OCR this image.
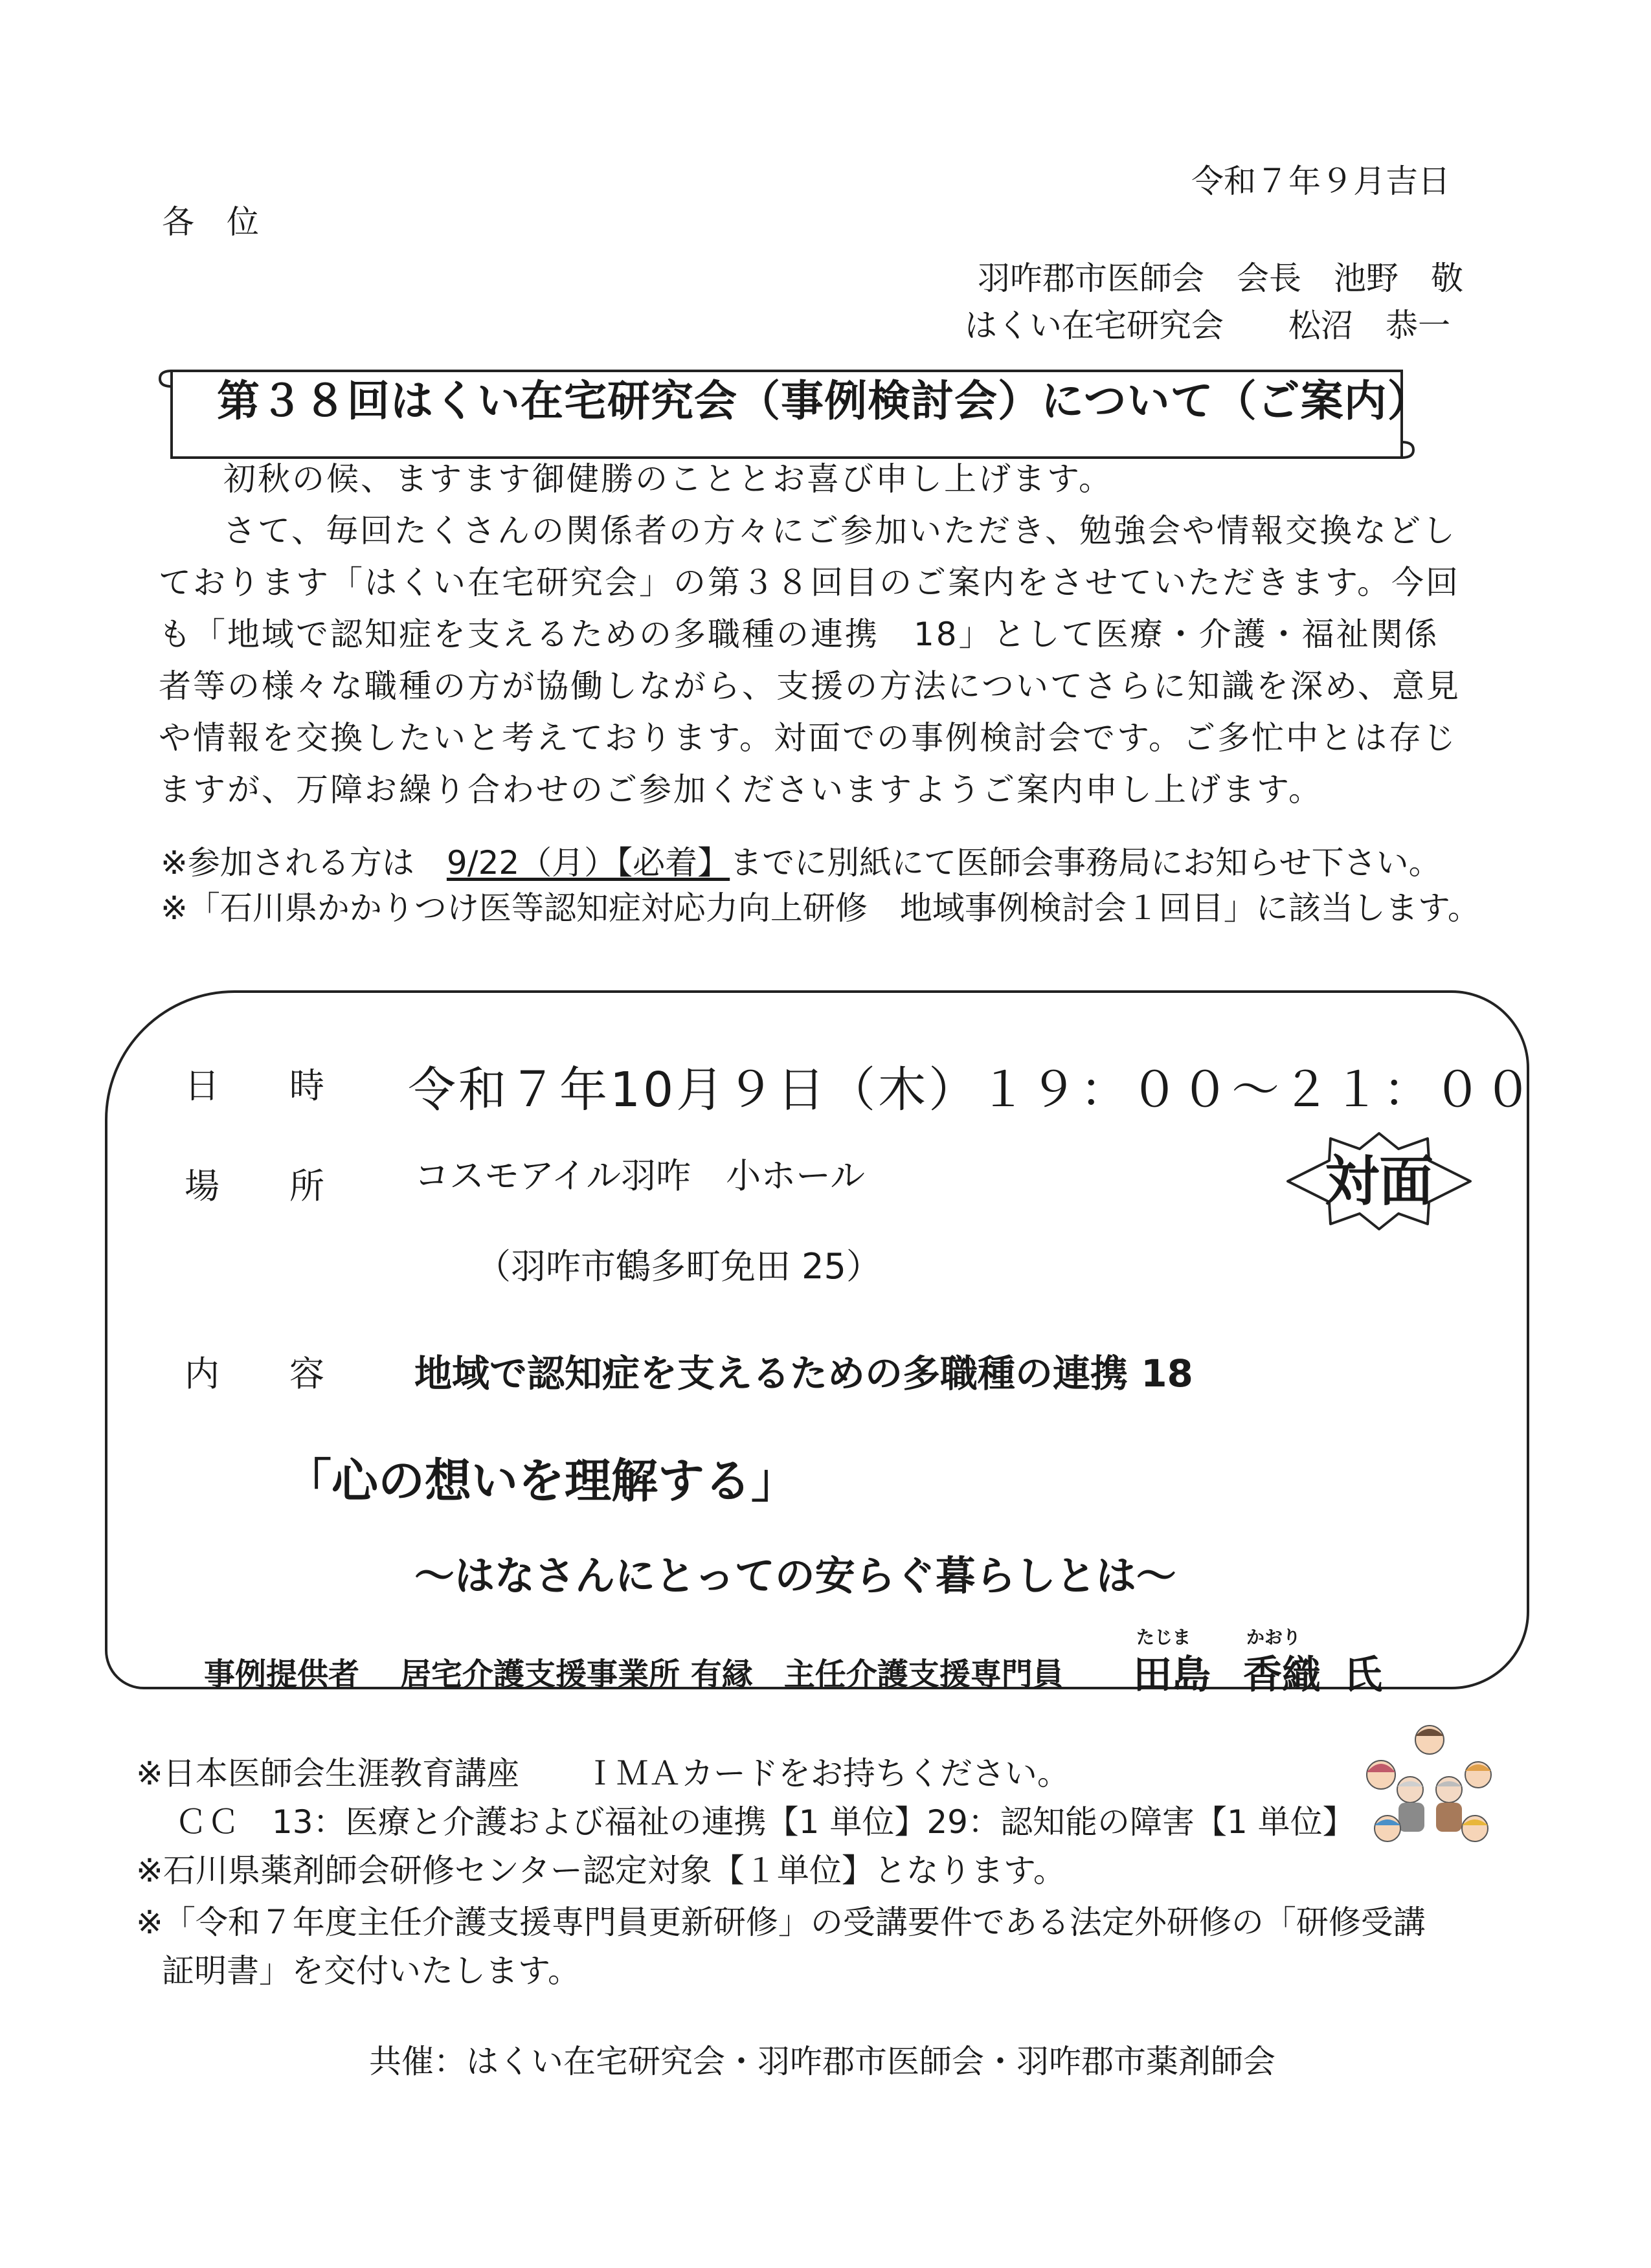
令和７年９月吉日
各　位
羽咋郡市医師会　会長　池野　敬
はくい在宅研究会　　松沼　恭一
第３８回はくい在宅研究会（事例検討会）について（ご案内）

初秋の候、ますます御健勝のこととお喜び申し上げます。

さて、毎回たくさんの関係者の方々にご参加いただき、勉強会や情報交換などしております「はくい在宅研究会」の第３８回目のご案内をさせていただきます。今回も「地域で認知症を支えるための多職種の連携　18」として医療・介護・福祉関係者等の様々な職種の方が協働しながら、支援の方法についてさらに知識を深め、意見や情報を交換したいと考えております。対面での事例検討会です。ご多忙中とは存じますが、万障お繰り合わせのご参加くださいますようご案内申し上げます。

※参加される方は　9/22（月）【必着】までに別紙にて医師会事務局にお知らせ下さい。
※「石川県かかりつけ医等認知症対応力向上研修　地域事例検討会１回目」に該当します。
日　　時 令和７年10月９日（木）１９：００～２１：００
場　　所	コスモアイル羽咋　小ホール
（羽咋市鶴多町免田 25）
内　　容 地域で認知症を支えるための多職種の連携 18
「心の想いを理解する」
～はなさんにとっての安らぐ暮らしとは～
事例提供者 居宅介護支援事業所 有縁　主任介護支援専門員
たじま
田島
かおり
香織 氏
対面
※日本医師会生涯教育講座　　ＩＭＡカードをお持ちください。
ＣＣ　13：医療と介護および福祉の連携【1 単位】29：認知能の障害【1 単位】
※石川県薬剤師会研修センター認定対象【１単位】となります。
※「令和７年度主任介護支援専門員更新研修」の受講要件である法定外研修の「研修受講
証明書」を交付いたします。
共催：はくい在宅研究会・羽咋郡市医師会・羽咋郡市薬剤師会
